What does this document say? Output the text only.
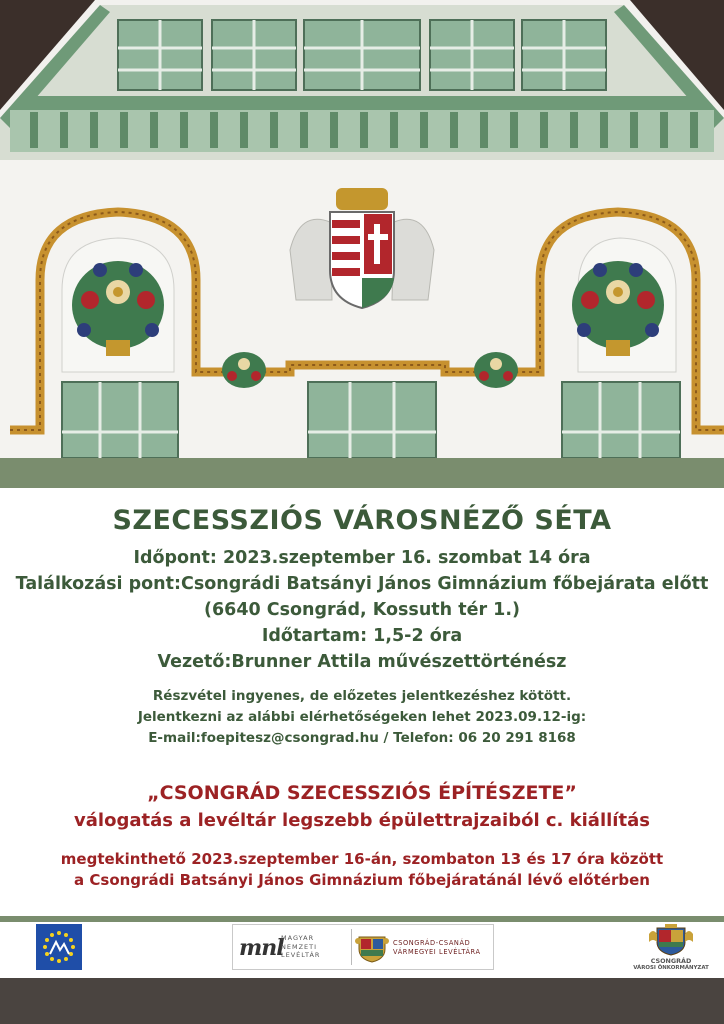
SZECESSZIÓS VÁROSNÉZŐ SÉTA
Időpont: 2023.szeptember 16. szombat 14 óra
Találkozási pont:Csongrádi Batsányi János Gimnázium főbejárata előtt
(6640 Csongrád, Kossuth tér 1.)
Időtartam: 1,5-2 óra
Vezető:Brunner Attila művészettörténész
Részvétel ingyenes, de előzetes jelentkezéshez kötött.
Jelentkezni az alábbi elérhetőségeken lehet 2023.09.12-ig:
E-mail:foepitesz@csongrad.hu / Telefon: 06 20 291 8168
„CSONGRÁD SZECESSZIÓS ÉPÍTÉSZETE”
válogatás a levéltár legszebb épülettrajzaiból c. kiállítás
megtekinthető 2023.szeptember 16-án, szombaton 13 és 17 óra között
a Csongrádi Batsányi János Gimnázium főbejáratánál lévő előtérben
mnl
MAGYAR
NEMZETI
LEVÉLTÁR
CSONGRÁD-CSANÁD
VÁRMEGYEI LEVÉLTÁRA
CSONGRÁD
VÁROSI ÖNKORMÁNYZAT
